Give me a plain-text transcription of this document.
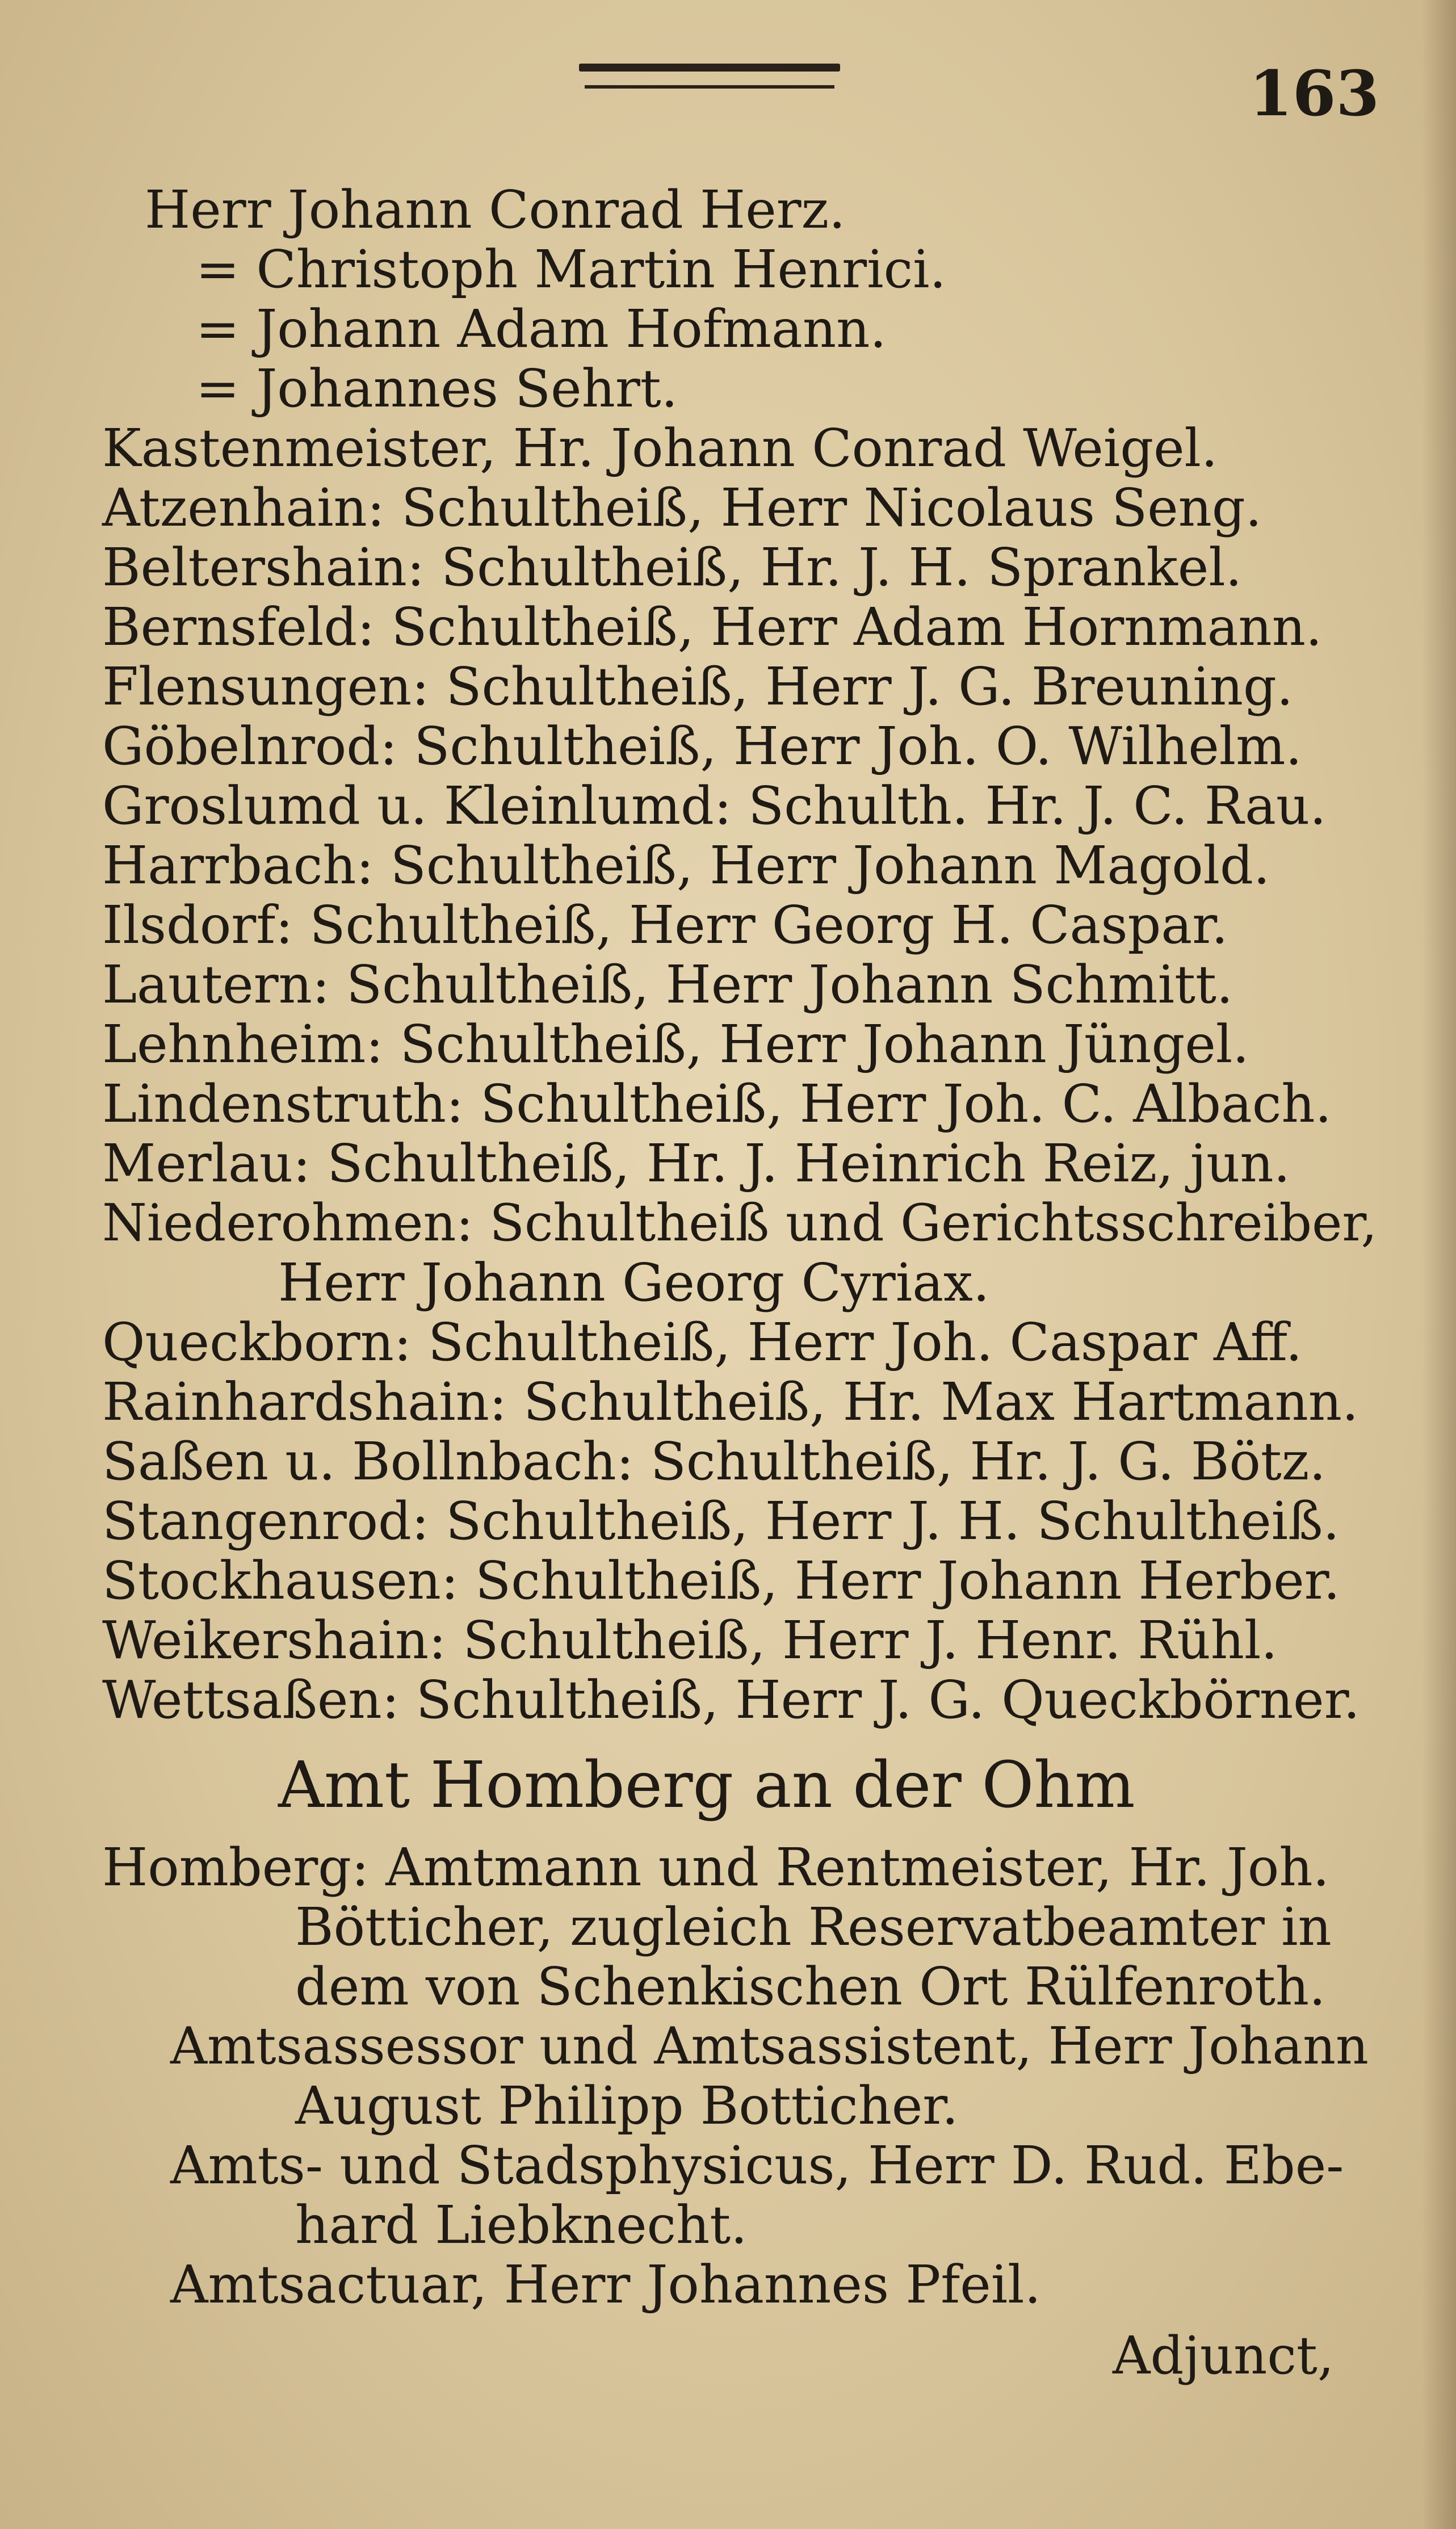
163
Herr Johann Conrad Herz.
= Christoph Martin Henrici.
= Johann Adam Hofmann.
= Johannes Sehrt.
Kastenmeister, Hr. Johann Conrad Weigel.
Atzenhain: Schultheiß, Herr Nicolaus Seng.
Beltershain: Schultheiß, Hr. J. H. Sprankel.
Bernsfeld: Schultheiß, Herr Adam Hornmann.
Flensungen: Schultheiß, Herr J. G. Breuning.
Göbelnrod: Schultheiß, Herr Joh. O. Wilhelm.
Groslumd u. Kleinlumd: Schulth. Hr. J. C. Rau.
Harrbach: Schultheiß, Herr Johann Magold.
Ilsdorf: Schultheiß, Herr Georg H. Caspar.
Lautern: Schultheiß, Herr Johann Schmitt.
Lehnheim: Schultheiß, Herr Johann Jüngel.
Lindenstruth: Schultheiß, Herr Joh. C. Albach.
Merlau: Schultheiß, Hr. J. Heinrich Reiz, jun.
Niederohmen: Schultheiß und Gerichtsschreiber,
Herr Johann Georg Cyriax.
Queckborn: Schultheiß, Herr Joh. Caspar Aff.
Rainhardshain: Schultheiß, Hr. Max Hartmann.
Saßen u. Bollnbach: Schultheiß, Hr. J. G. Bötz.
Stangenrod: Schultheiß, Herr J. H. Schultheiß.
Stockhausen: Schultheiß, Herr Johann Herber.
Weikershain: Schultheiß, Herr J. Henr. Rühl.
Wettsaßen: Schultheiß, Herr J. G. Queckbörner.
Amt Homberg an der Ohm
Homberg: Amtmann und Rentmeister, Hr. Joh.
Bötticher, zugleich Reservatbeamter in
dem von Schenkischen Ort Rülfenroth.
Amtsassessor und Amtsassistent, Herr Johann
August Philipp Botticher.
Amts- und Stadsphysicus, Herr D. Rud. Ebe-
hard Liebknecht.
Amtsactuar, Herr Johannes Pfeil.
Adjunct,
